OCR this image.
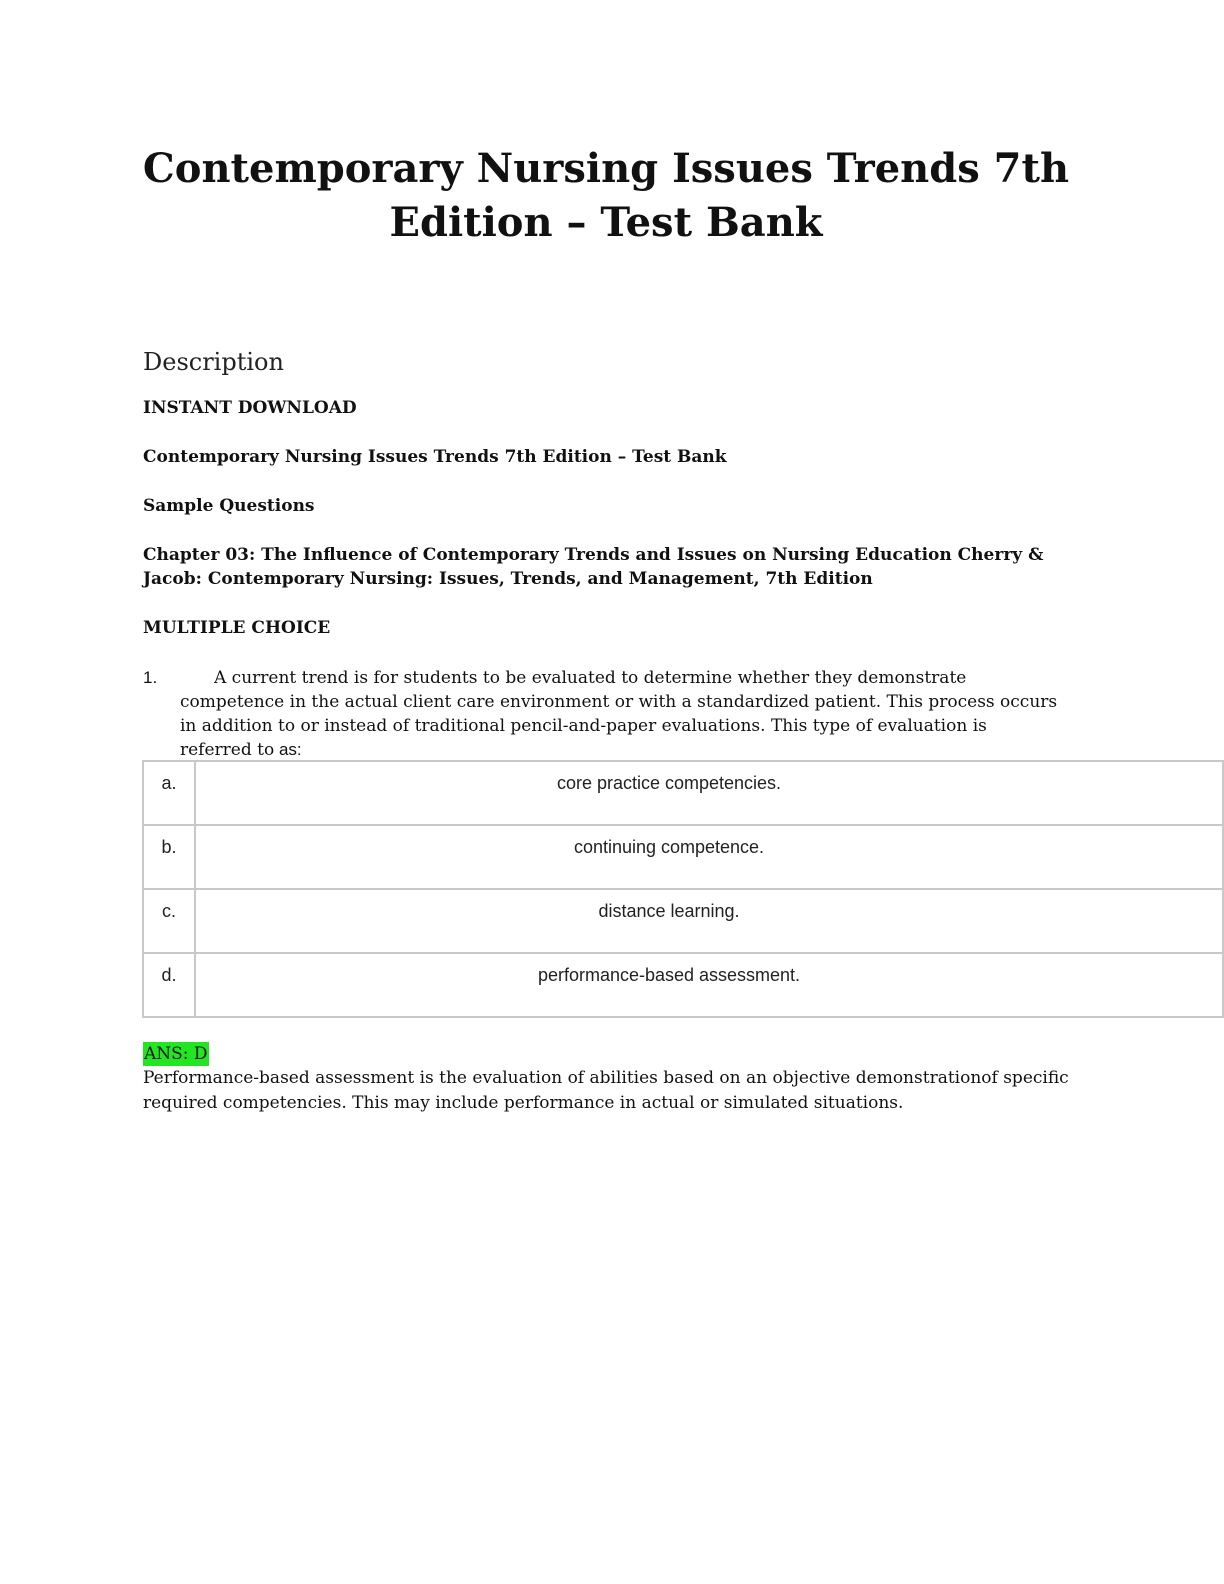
Contemporary Nursing Issues Trends 7th Edition – Test Bank
Description
INSTANT DOWNLOAD
Contemporary Nursing Issues Trends 7th Edition – Test Bank
Sample Questions
Chapter 03: The Influence of Contemporary Trends and Issues on Nursing Education Cherry & Jacob: Contemporary Nursing: Issues, Trends, and Management, 7th Edition
MULTIPLE CHOICE
1.	A current trend is for students to be evaluated to determine whether they demonstrate competence in the actual client care environment or with a standardized patient. This process occurs in addition to or instead of traditional pencil-and-paper evaluations. This type of evaluation is referred to as:
a.	core practice competencies.
b.	continuing competence.
c.	distance learning.
d.	performance-based assessment.
ANS: D
Performance-based assessment is the evaluation of abilities based on an objective demonstrationof specific required competencies. This may include performance in actual or simulated situations.
